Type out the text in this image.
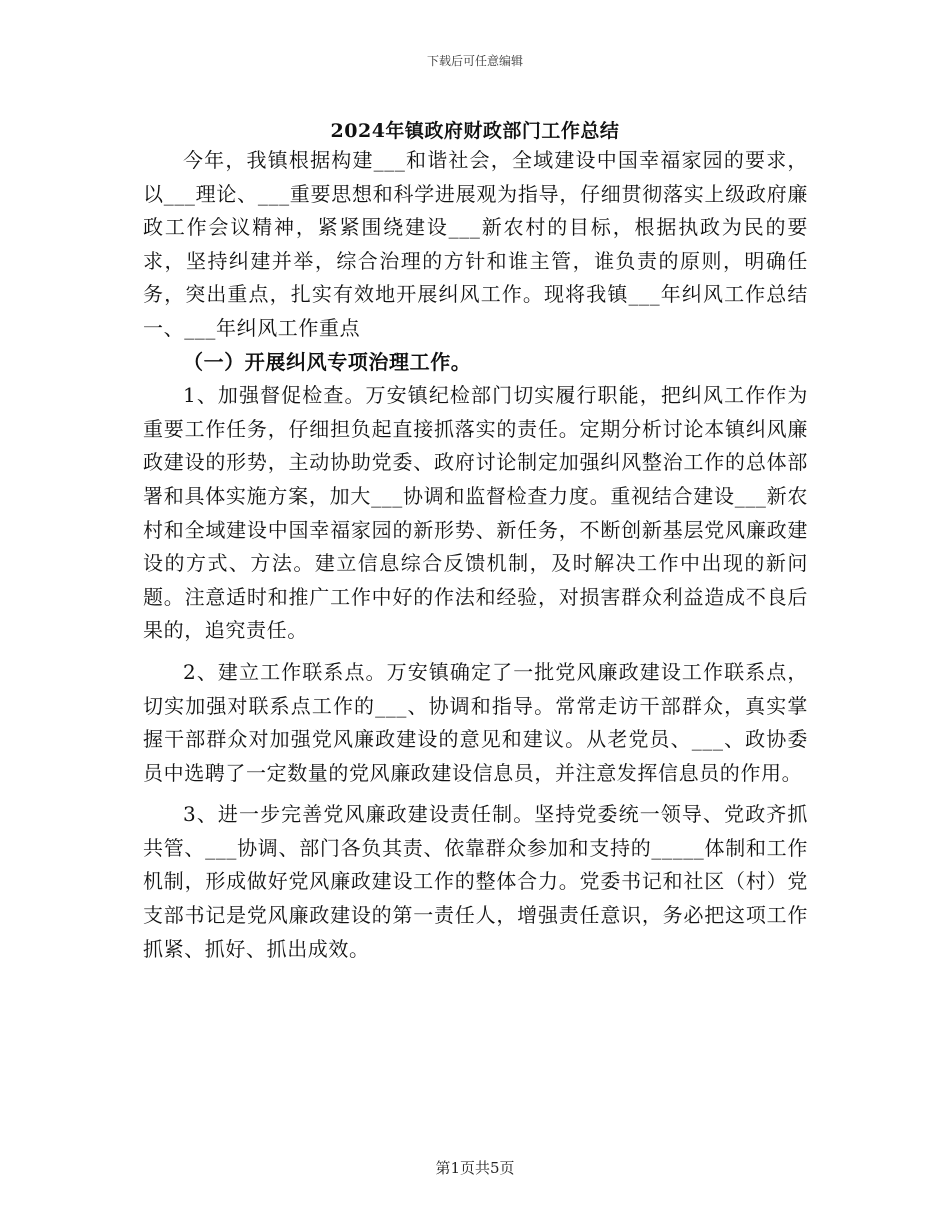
下载后可任意编辑
2024年镇政府财政部门工作总结

今年，我镇根据构建___和谐社会，全域建设中国幸福家园的要求，以___理论、___重要思想和科学进展观为指导，仔细贯彻落实上级政府廉政工作会议精神，紧紧围绕建设___新农村的目标，根据执政为民的要求，坚持纠建并举，综合治理的方针和谁主管，谁负责的原则，明确任务，突出重点，扎实有效地开展纠风工作。现将我镇___年纠风工作总结一、___年纠风工作重点

（一）开展纠风专项治理工作。

1、加强督促检查。万安镇纪检部门切实履行职能，把纠风工作作为重要工作任务，仔细担负起直接抓落实的责任。定期分析讨论本镇纠风廉政建设的形势，主动协助党委、政府讨论制定加强纠风整治工作的总体部署和具体实施方案，加大___协调和监督检查力度。重视结合建设___新农村和全域建设中国幸福家园的新形势、新任务，不断创新基层党风廉政建设的方式、方法。建立信息综合反馈机制，及时解决工作中出现的新问题。注意适时和推广工作中好的作法和经验，对损害群众利益造成不良后果的，追究责任。

2、建立工作联系点。万安镇确定了一批党风廉政建设工作联系点，切实加强对联系点工作的___、协调和指导。常常走访干部群众，真实掌握干部群众对加强党风廉政建设的意见和建议。从老党员、___、政协委员中选聘了一定数量的党风廉政建设信息员，并注意发挥信息员的作用。

3、进一步完善党风廉政建设责任制。坚持党委统一领导、党政齐抓共管、___协调、部门各负其责、依靠群众参加和支持的_____体制和工作机制，形成做好党风廉政建设工作的整体合力。党委书记和社区（村）党支部书记是党风廉政建设的第一责任人，增强责任意识，务必把这项工作抓紧、抓好、抓出成效。

第1页共5页
